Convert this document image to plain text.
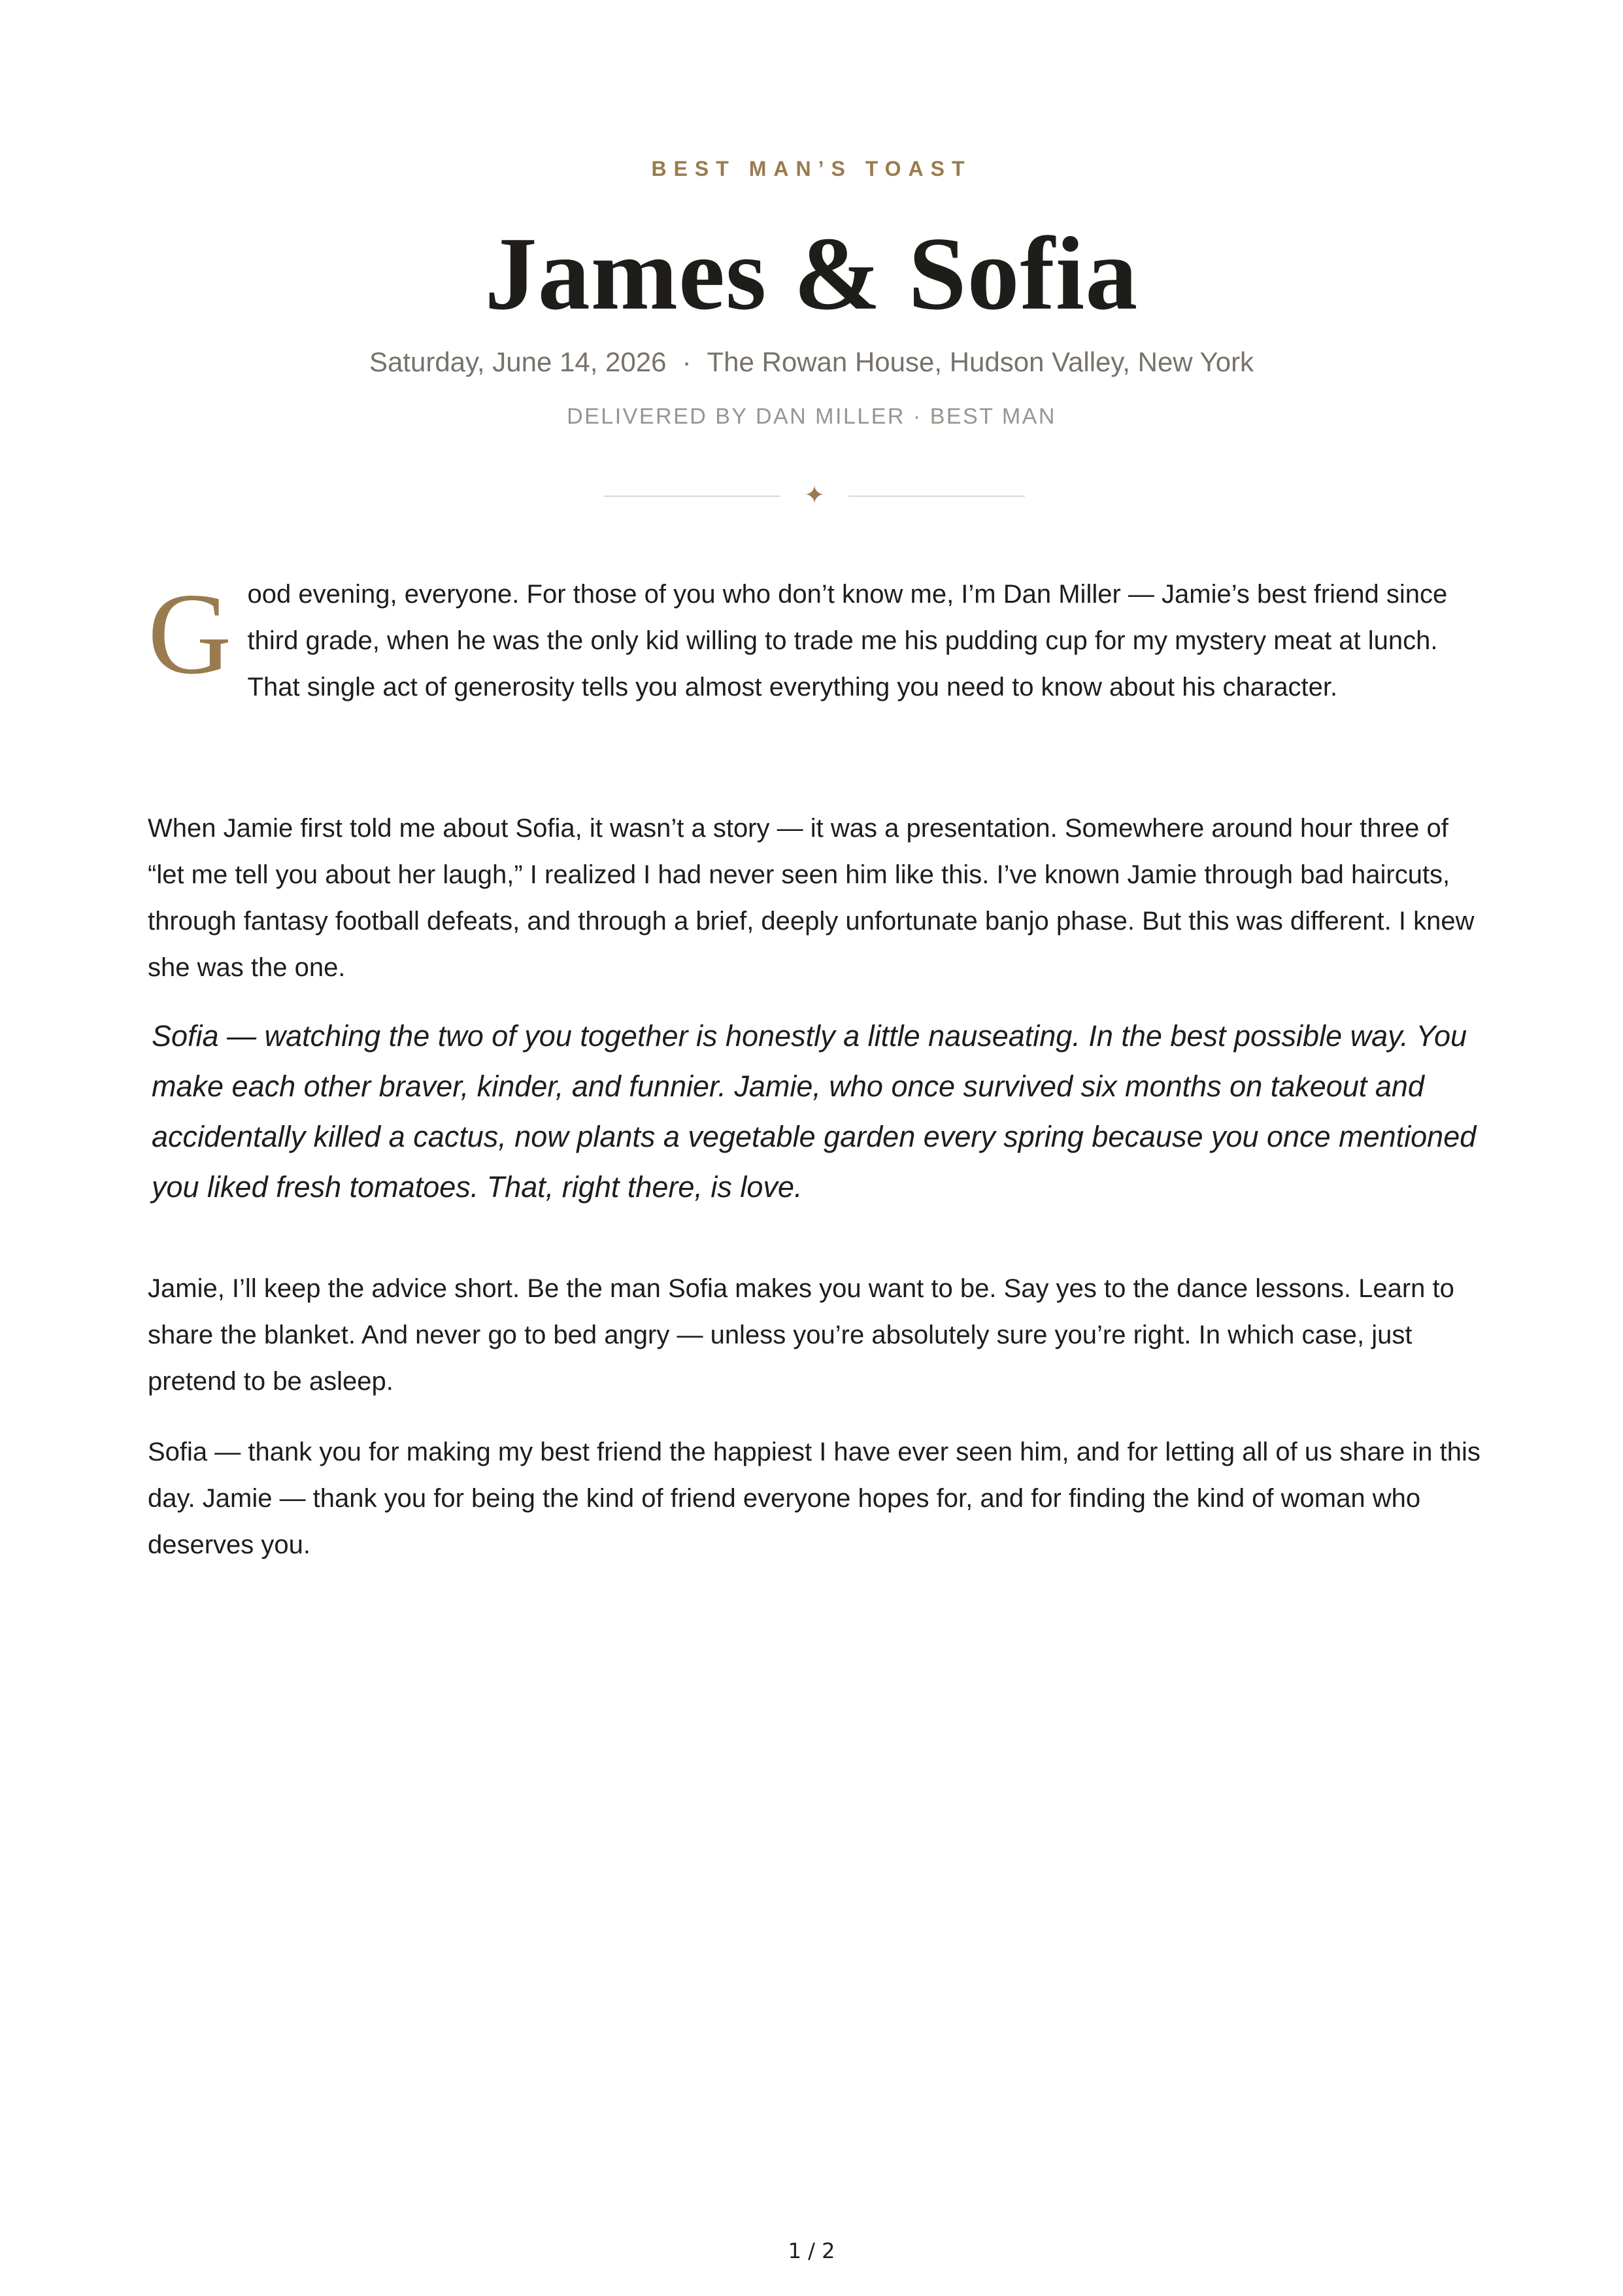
BEST MAN’S TOAST
James & Sofia
Saturday, June 14, 2026 · The Rowan House, Hudson Valley, New York
DELIVERED BY DAN MILLER · BEST MAN
✦
Good evening, everyone. For those of you who don’t know me, I’m Dan Miller — Jamie’s best friend since third grade, when he was the only kid willing to trade me his pudding cup for my mystery meat at lunch. That single act of generosity tells you almost everything you need to know about his character.
When Jamie first told me about Sofia, it wasn’t a story — it was a presentation. Somewhere around hour three of “let me tell you about her laugh,” I realized I had never seen him like this. I’ve known Jamie through bad haircuts, through fantasy football defeats, and through a brief, deeply unfortunate banjo phase. But this was different. I knew she was the one.
Sofia — watching the two of you together is honestly a little nauseating. In the best possible way. You make each other braver, kinder, and funnier. Jamie, who once survived six months on takeout and accidentally killed a cactus, now plants a vegetable garden every spring because you once mentioned you liked fresh tomatoes. That, right there, is love.
Jamie, I’ll keep the advice short. Be the man Sofia makes you want to be. Say yes to the dance lessons. Learn to share the blanket. And never go to bed angry — unless you’re absolutely sure you’re right. In which case, just pretend to be asleep.
Sofia — thank you for making my best friend the happiest I have ever seen him, and for letting all of us share in this day. Jamie — thank you for being the kind of friend everyone hopes for, and for finding the kind of woman who deserves you.
1 / 2
